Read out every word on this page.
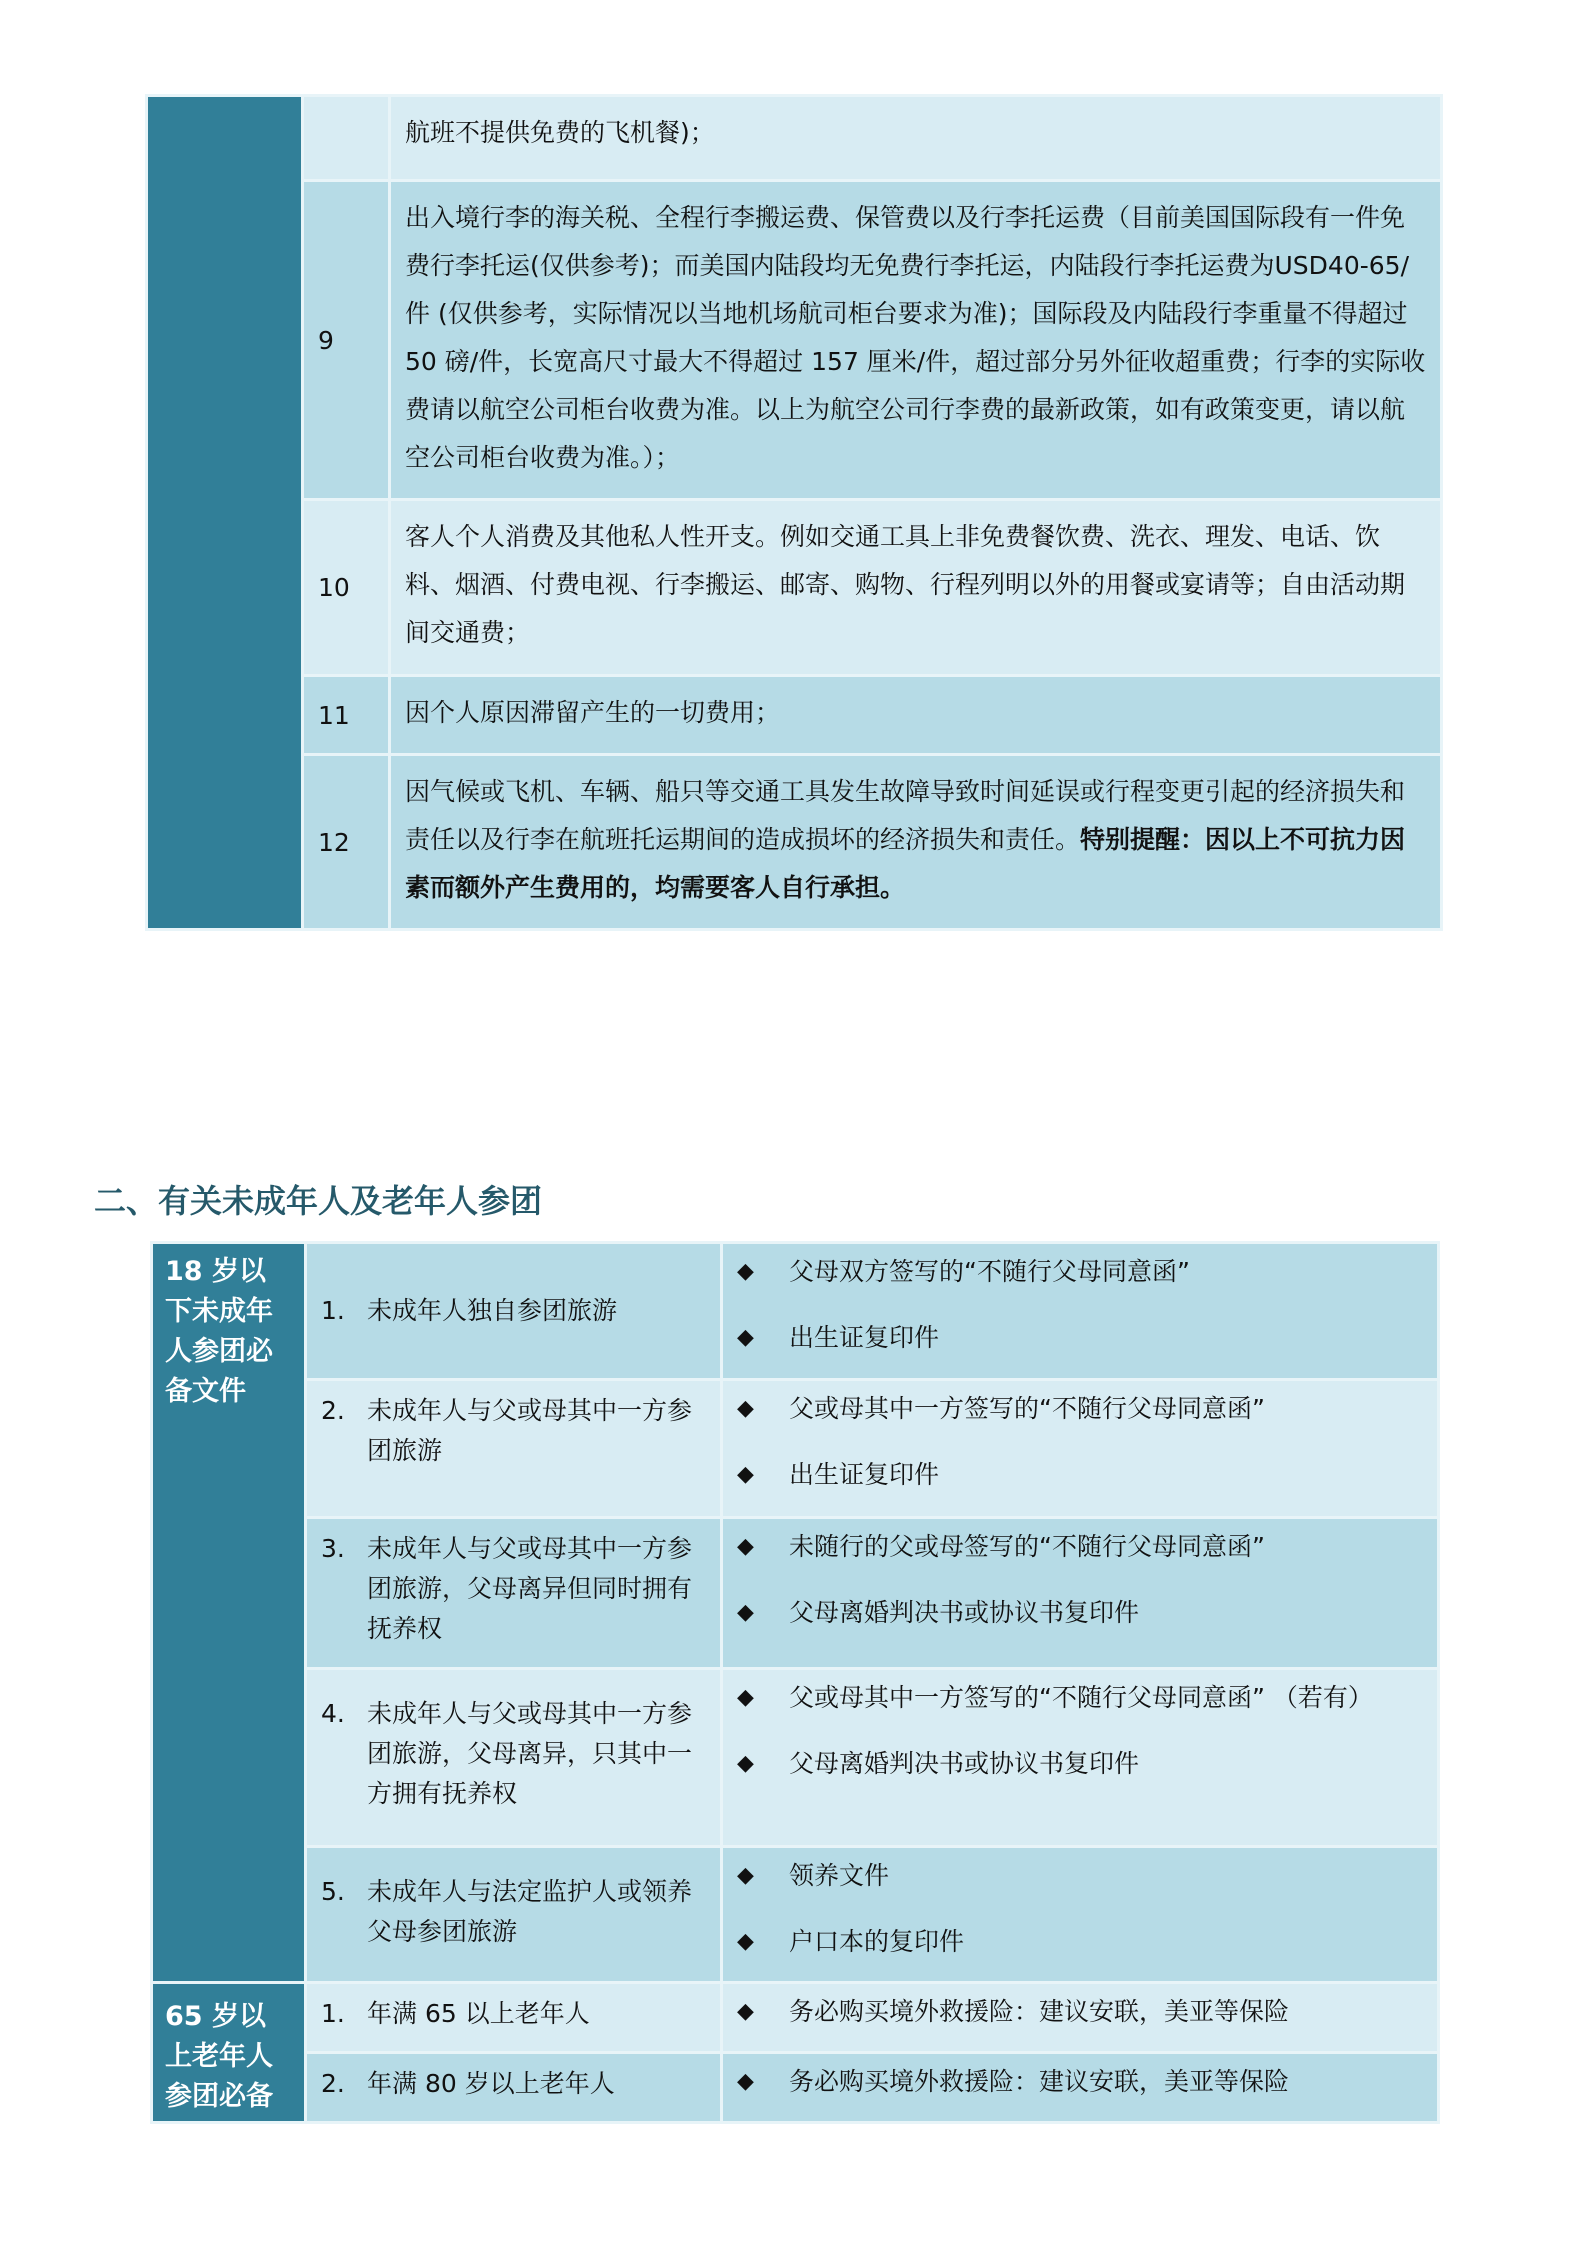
		航班不提供免费的飞机餐)；
	9	出入境行李的海关税、全程行李搬运费、保管费以及行李托运费（目前美国国际段有一件免费行李托运(仅供参考)；而美国内陆段均无免费行李托运，内陆段行李托运费为USD40-65/件 (仅供参考，实际情况以当地机场航司柜台要求为准)；国际段及内陆段行李重量不得超过 50 磅/件，长宽高尺寸最大不得超过 157 厘米/件，超过部分另外征收超重费；行李的实际收费请以航空公司柜台收费为准。以上为航空公司行李费的最新政策，如有政策变更，请以航空公司柜台收费为准。）；
	10	客人个人消费及其他私人性开支。例如交通工具上非免费餐饮费、洗衣、理发、电话、饮料、烟酒、付费电视、行李搬运、邮寄、购物、行程列明以外的用餐或宴请等；自由活动期间交通费；
	11	因个人原因滞留产生的一切费用；
	12	因气候或飞机、车辆、船只等交通工具发生故障导致时间延误或行程变更引起的经济损失和责任以及行李在航班托运期间的造成损坏的经济损失和责任。特别提醒：因以上不可抗力因素而额外产生费用的，均需要客人自行承担。
二、有关未成年人及老年人参团
18 岁以下未成年人参团必备文件	1. 未成年人独自参团旅游	◆ 父母双方签写的“不随行父母同意函”
◆ 出生证复印件

	2. 未成年人与父或母其中一方参团旅游	◆ 父或母其中一方签写的“不随行父母同意函”
◆ 出生证复印件

	3. 未成年人与父或母其中一方参团旅游，父母离异但同时拥有抚养权	◆ 未随行的父或母签写的“不随行父母同意函”
◆ 父母离婚判决书或协议书复印件

	4. 未成年人与父或母其中一方参团旅游，父母离异，只其中一方拥有抚养权	◆ 父或母其中一方签写的“不随行父母同意函” （若有）
◆ 父母离婚判决书或协议书复印件

	5. 未成年人与法定监护人或领养父母参团旅游	◆ 领养文件
◆ 户口本的复印件

65 岁以上老年人参团必备	1. 年满 65 以上老年人	◆ 务必购买境外救援险：建议安联，美亚等保险

	2. 年满 80 岁以上老年人	◆ 务必购买境外救援险：建议安联，美亚等保险
